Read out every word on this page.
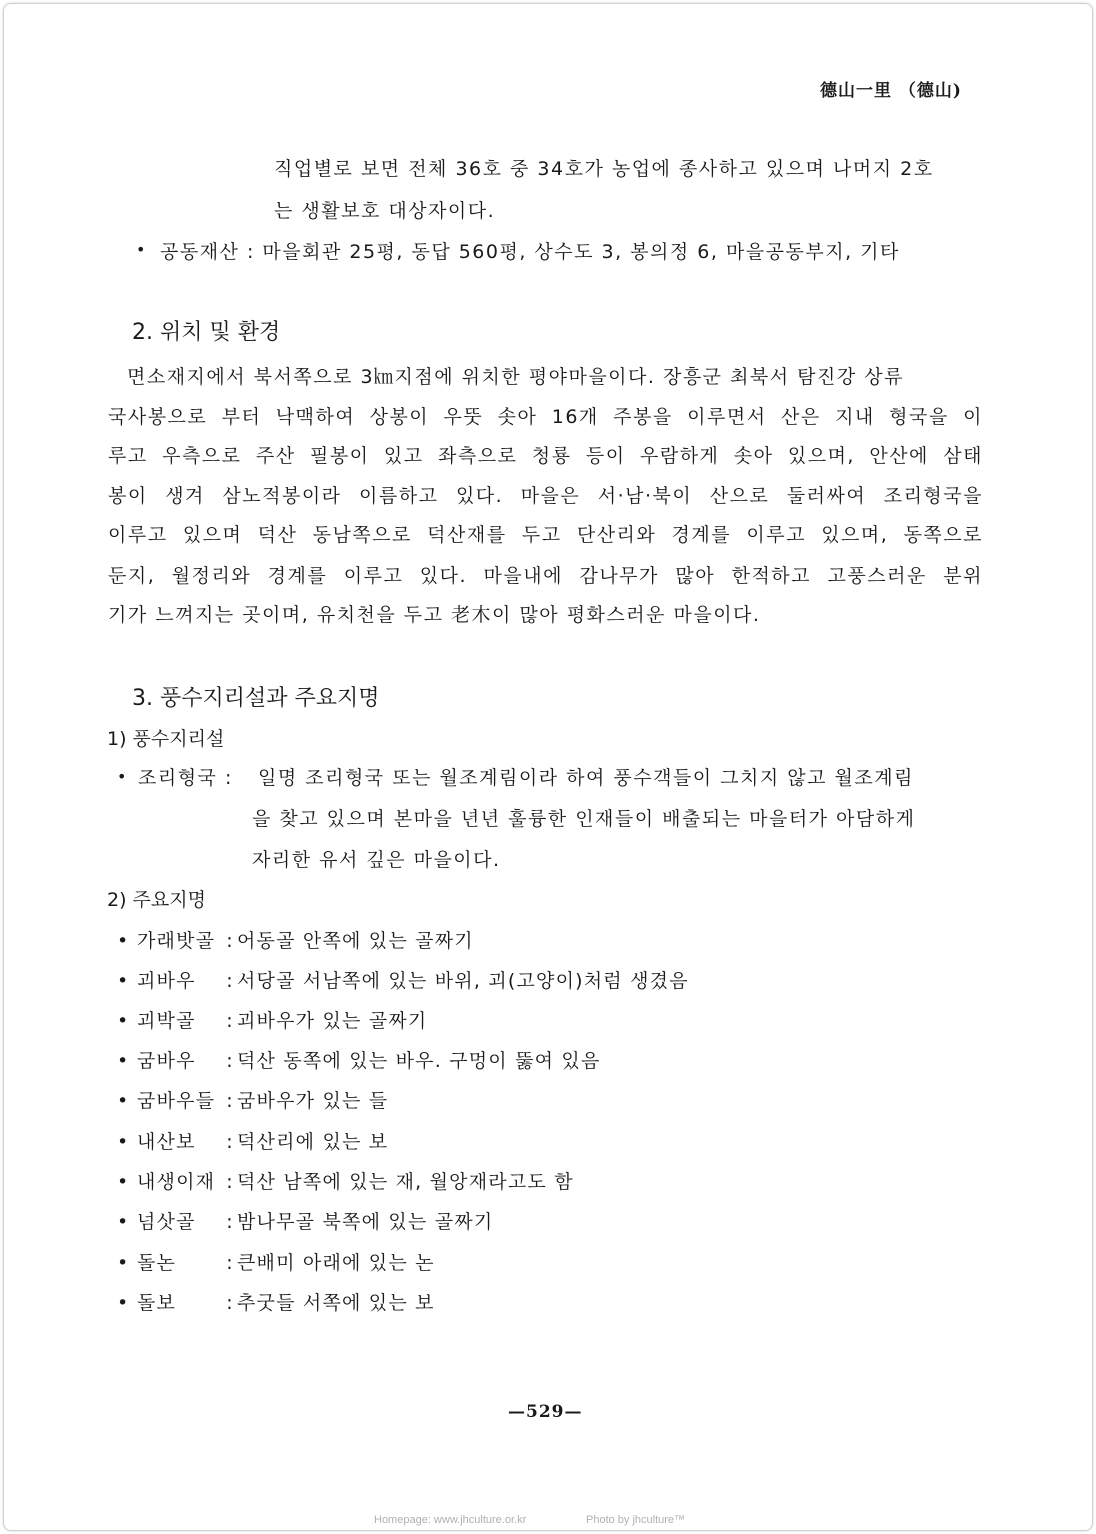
德山一里 （德山)
직업별로 보면 전체 36호 중 34호가 농업에 종사하고 있으며 나머지 2호
는 생활보호 대상자이다.
• 공동재산 : 마을회관 25평, 동답 560평, 상수도 3, 봉의정 6, 마을공동부지, 기타
2. 위치 및 환경
면소재지에서 북서쪽으로 3㎞지점에 위치한 평야마을이다. 장흥군 최북서 탐진강 상류
국사봉으로 부터 낙맥하여 상봉이 우뚯 솟아 16개 주봉을 이루면서 산은 지내 형국을 이
루고 우측으로 주산 필봉이 있고 좌측으로 청룡 등이 우람하게 솟아 있으며, 안산에 삼태
봉이 생겨 삼노적봉이라 이름하고 있다. 마을은 서·남·북이 산으로 둘러싸여 조리형국을
이루고 있으며 덕산 동남쪽으로 덕산재를 두고 단산리와 경계를 이루고 있으며, 동쪽으로
둔지, 월정리와 경계를 이루고 있다. 마을내에 감나무가 많아 한적하고 고풍스러운 분위
기가 느껴지는 곳이며, 유치천을 두고 老木이 많아 평화스러운 마을이다.
3. 풍수지리설과 주요지명
1) 풍수지리설
• 조리형국 : 일명 조리형국 또는 월조계림이라 하여 풍수객들이 그치지 않고 월조계림
을 찾고 있으며 본마을 년년 훌륭한 인재들이 배출되는 마을터가 아담하게
자리한 유서 깊은 마을이다.
2) 주요지명
• 가래밧골 : 어동골 안쪽에 있는 골짜기
• 괴바우 : 서당골 서남쪽에 있는 바위, 괴(고양이)처럼 생겼음
• 괴박골 : 괴바우가 있는 골짜기
• 굼바우 : 덕산 동쪽에 있는 바우. 구멍이 뚫여 있음
• 굼바우들 : 굼바우가 있는 들
• 내산보 : 덕산리에 있는 보
• 내생이재 : 덕산 남쪽에 있는 재, 월앙재라고도 함
• 넘삿골 : 밤나무골 북쪽에 있는 골짜기
• 돌논	: 큰배미 아래에 있는 논
• 돌보	: 추굿들 서쪽에 있는 보
—529—
Homepage: www.jhculture.or.kr	Photo by jhculture™
